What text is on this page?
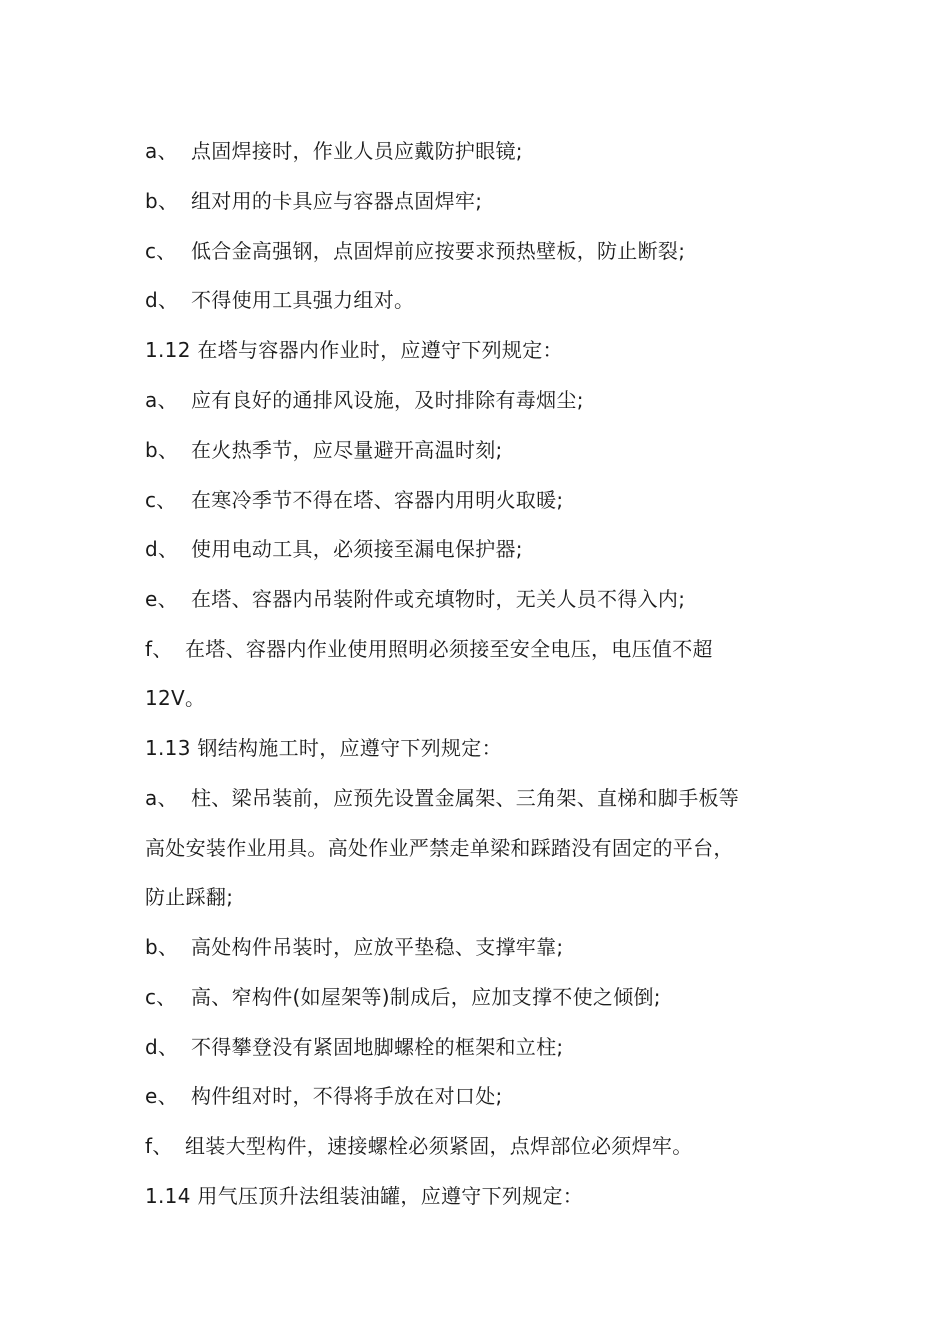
a、 点固焊接时，作业人员应戴防护眼镜;
b、 组对用的卡具应与容器点固焊牢;
c、 低合金高强钢，点固焊前应按要求预热壁板，防止断裂;
d、 不得使用工具强力组对。
1.12 在塔与容器内作业时，应遵守下列规定：
a、 应有良好的通排风设施，及时排除有毒烟尘;
b、 在火热季节，应尽量避开高温时刻;
c、 在寒冷季节不得在塔、容器内用明火取暖;
d、 使用电动工具，必须接至漏电保护器;
e、 在塔、容器内吊装附件或充填物时，无关人员不得入内;
f、 在塔、容器内作业使用照明必须接至安全电压，电压值不超
12V。
1.13 钢结构施工时，应遵守下列规定：
a、 柱、梁吊装前，应预先设置金属架、三角架、直梯和脚手板等
高处安装作业用具。高处作业严禁走单梁和踩踏没有固定的平台，
防止踩翻;
b、 高处构件吊装时，应放平垫稳、支撑牢靠;
c、 高、窄构件(如屋架等)制成后，应加支撑不使之倾倒;
d、 不得攀登没有紧固地脚螺栓的框架和立柱;
e、 构件组对时，不得将手放在对口处;
f、 组装大型构件，速接螺栓必须紧固，点焊部位必须焊牢。
1.14 用气压顶升法组装油罐，应遵守下列规定：
